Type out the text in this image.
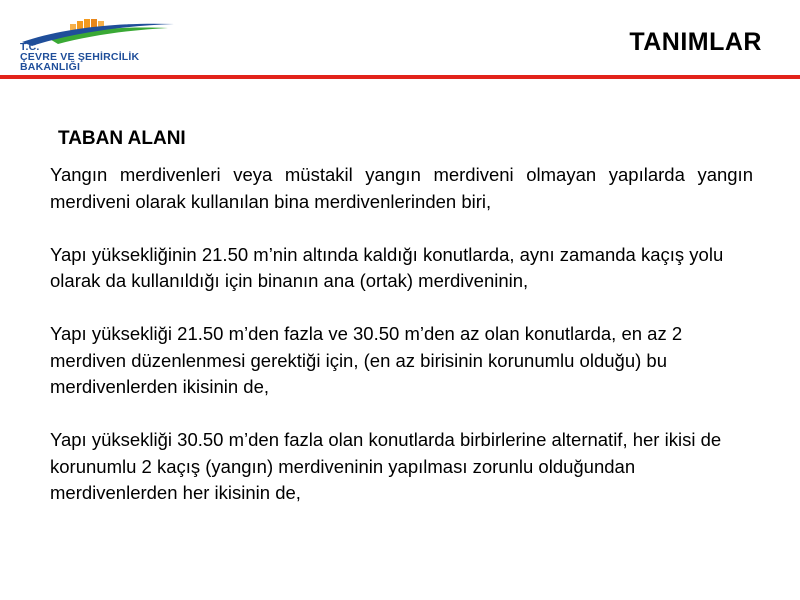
T.C.
ÇEVRE VE ŞEHİRCİLİK
BAKANLIĞI
TANIMLAR
TABAN ALANI

Yangın merdivenleri veya müstakil yangın merdiveni olmayan yapılarda yangın merdiveni olarak kullanılan bina merdivenlerinden biri,

Yapı yüksekliğinin 21.50 m’nin altında kaldığı konutlarda, aynı zamanda kaçış yolu olarak da kullanıldığı için binanın ana (ortak) merdiveninin,

Yapı yüksekliği 21.50 m’den fazla ve 30.50 m’den az olan konutlarda, en az 2 merdiven düzenlenmesi gerektiği için, (en az birisinin korunumlu olduğu) bu merdivenlerden ikisinin de,

Yapı yüksekliği 30.50 m’den fazla olan konutlarda birbirlerine alternatif, her ikisi de korunumlu 2 kaçış (yangın) merdiveninin yapılması zorunlu olduğundan merdivenlerden her ikisinin de,
